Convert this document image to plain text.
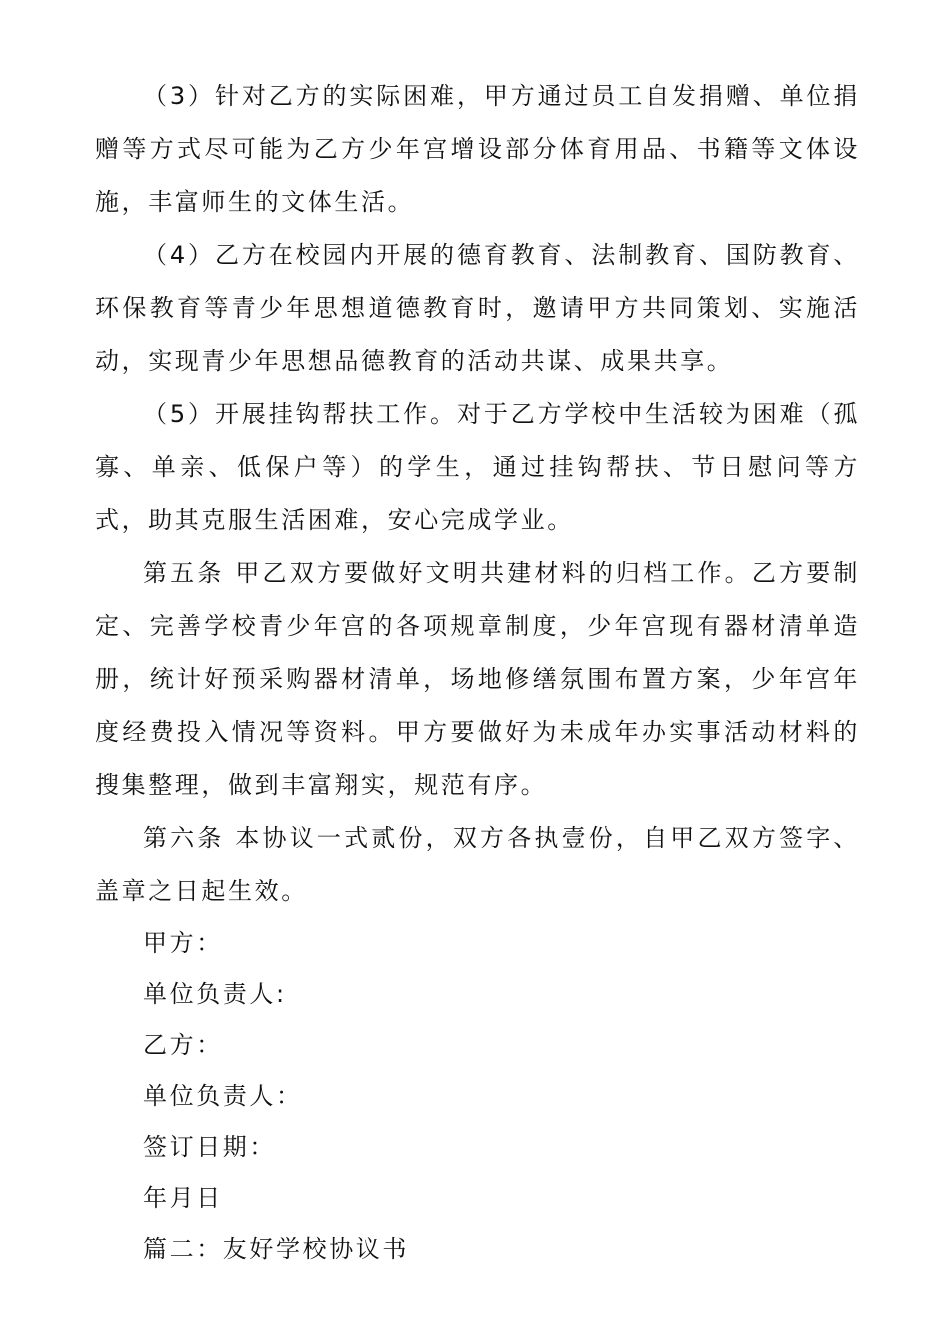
（3）针对乙方的实际困难，甲方通过员工自发捐赠、单位捐赠等方式尽可能为乙方少年宫增设部分体育用品、书籍等文体设施，丰富师生的文体生活。

（4）乙方在校园内开展的德育教育、法制教育、国防教育、环保教育等青少年思想道德教育时，邀请甲方共同策划、实施活动，实现青少年思想品德教育的活动共谋、成果共享。

（5）开展挂钩帮扶工作。对于乙方学校中生活较为困难（孤寡、单亲、低保户等）的学生，通过挂钩帮扶、节日慰问等方式，助其克服生活困难，安心完成学业。

第五条 甲乙双方要做好文明共建材料的归档工作。乙方要制定、完善学校青少年宫的各项规章制度，少年宫现有器材清单造册，统计好预采购器材清单，场地修缮氛围布置方案，少年宫年度经费投入情况等资料。甲方要做好为未成年办实事活动材料的搜集整理，做到丰富翔实，规范有序。

第六条 本协议一式贰份，双方各执壹份，自甲乙双方签字、盖章之日起生效。

甲方：

单位负责人:

乙方：

单位负责人：

签订日期：

年月日

篇二：友好学校协议书
